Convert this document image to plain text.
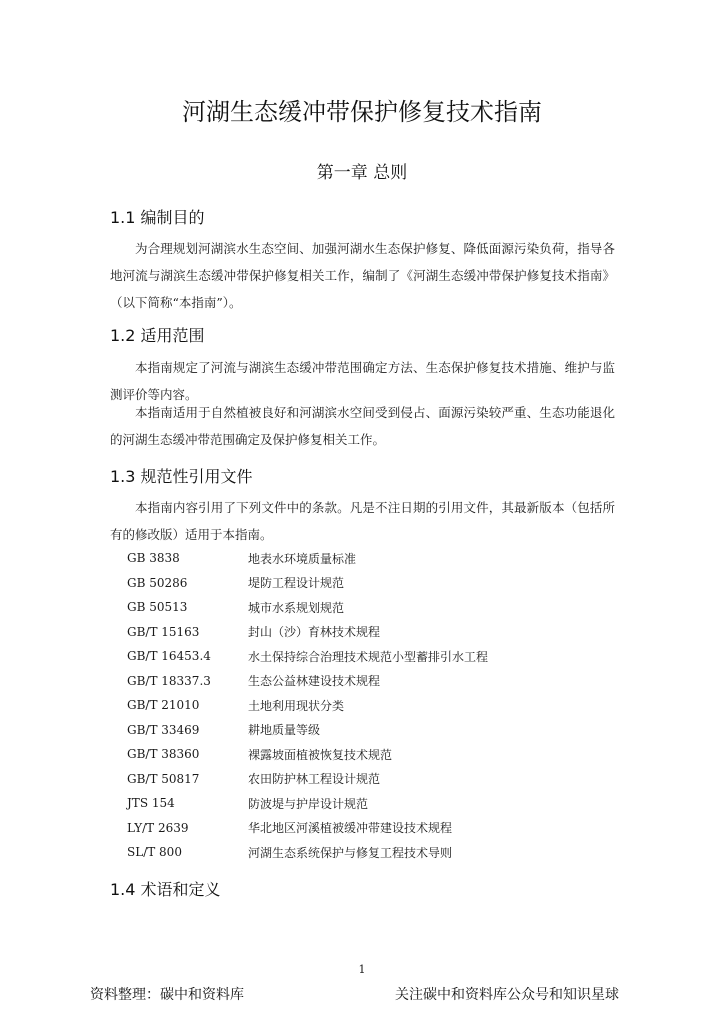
河湖生态缓冲带保护修复技术指南
第一章 总则
1.1 编制目的

为合理规划河湖滨水生态空间、加强河湖水生态保护修复、降低面源污染负荷，指导各地河流与湖滨生态缓冲带保护修复相关工作，编制了《河湖生态缓冲带保护修复技术指南》（以下简称“本指南”）。

1.2 适用范围

本指南规定了河流与湖滨生态缓冲带范围确定方法、生态保护修复技术措施、维护与监测评价等内容。

本指南适用于自然植被良好和河湖滨水空间受到侵占、面源污染较严重、生态功能退化的河湖生态缓冲带范围确定及保护修复相关工作。

1.3 规范性引用文件

本指南内容引用了下列文件中的条款。凡是不注日期的引用文件，其最新版本（包括所有的修改版）适用于本指南。

GB 3838	地表水环境质量标准
GB 50286	堤防工程设计规范
GB 50513	城市水系规划规范
GB/T 15163	封山（沙）育林技术规程
GB/T 16453.4	水土保持综合治理技术规范小型蓄排引水工程
GB/T 18337.3	生态公益林建设技术规程
GB/T 21010	土地利用现状分类
GB/T 33469	耕地质量等级
GB/T 38360	裸露坡面植被恢复技术规范
GB/T 50817	农田防护林工程设计规范
JTS 154	防波堤与护岸设计规范
LY/T 2639	华北地区河溪植被缓冲带建设技术规程
SL/T 800	河湖生态系统保护与修复工程技术导则
1.4 术语和定义
1
资料整理：碳中和资料库	关注碳中和资料库公众号和知识星球
